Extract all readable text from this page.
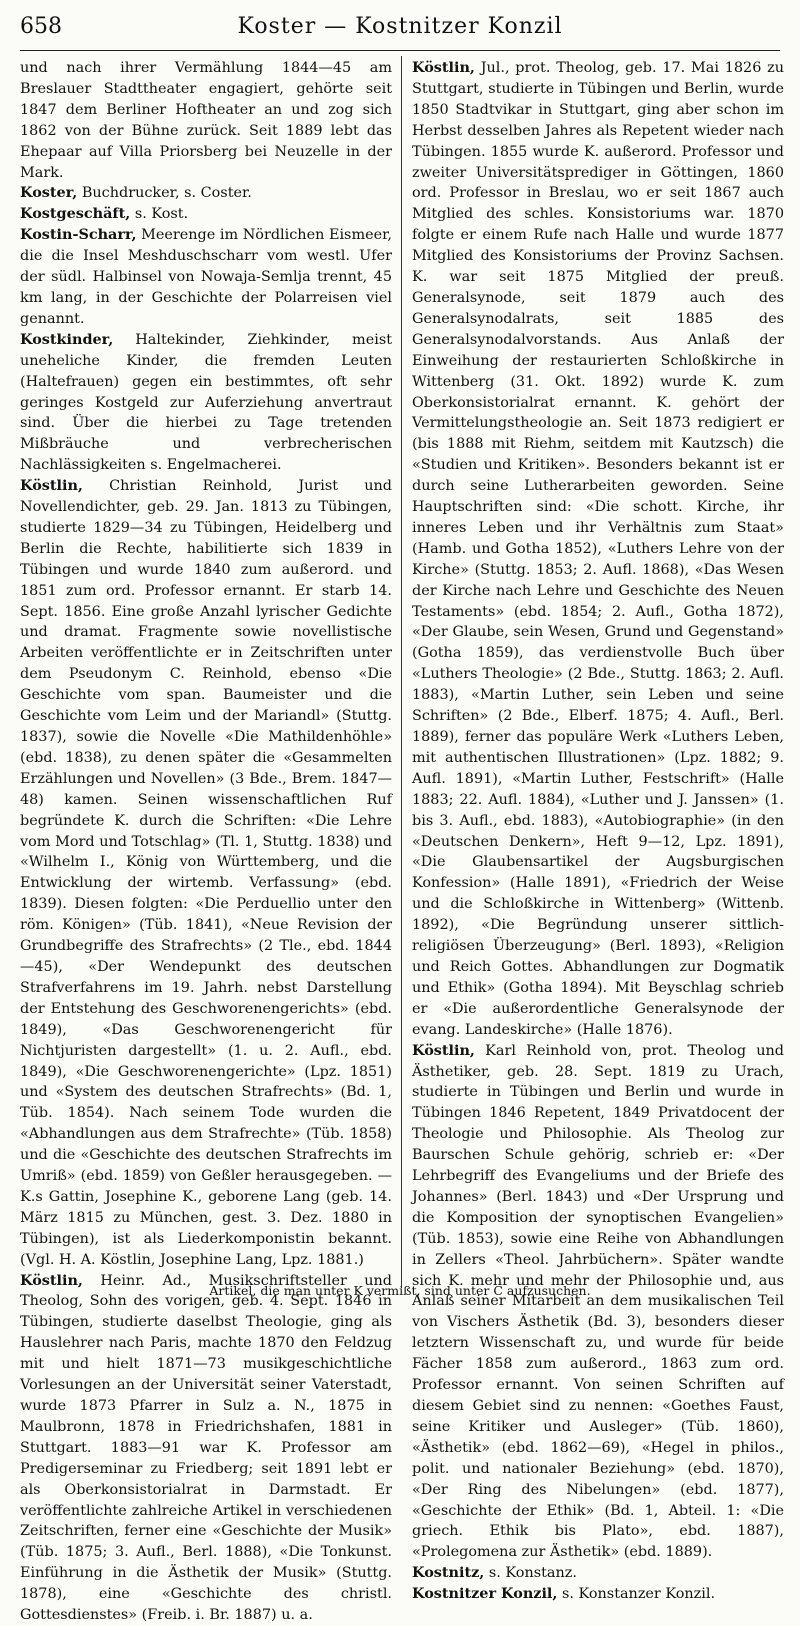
658	Koster — Kostnitzer Konzil

und nach ihrer Vermählung 1844—45 am Breslauer Stadttheater engagiert, gehörte seit 1847 dem Berliner Hoftheater an und zog sich 1862 von der Bühne zurück. Seit 1889 lebt das Ehepaar auf Villa Priorsberg bei Neuzelle in der Mark.

Koster, Buchdrucker, s. Coster.

Kostgeschäft, s. Kost.

Kostin-Scharr, Meerenge im Nördlichen Eismeer, die die Insel Meshduschscharr vom westl. Ufer der südl. Halbinsel von Nowaja-Semlja trennt, 45 km lang, in der Geschichte der Polarreisen viel genannt.

Kostkinder, Haltekinder, Ziehkinder, meist uneheliche Kinder, die fremden Leuten (Haltefrauen) gegen ein bestimmtes, oft sehr geringes Kostgeld zur Auferziehung anvertraut sind. Über die hierbei zu Tage tretenden Mißbräuche und verbrecherischen Nachlässigkeiten s. Engelmacherei.

Köstlin, Christian Reinhold, Jurist und Novellendichter, geb. 29. Jan. 1813 zu Tübingen, studierte 1829—34 zu Tübingen, Heidelberg und Berlin die Rechte, habilitierte sich 1839 in Tübingen und wurde 1840 zum außerord. und 1851 zum ord. Professor ernannt. Er starb 14. Sept. 1856. Eine große Anzahl lyrischer Gedichte und dramat. Fragmente sowie novellistische Arbeiten veröffentlichte er in Zeitschriften unter dem Pseudonym C. Reinhold, ebenso «Die Geschichte vom span. Baumeister und die Geschichte vom Leim und der Mariandl» (Stuttg. 1837), sowie die Novelle «Die Mathildenhöhle» (ebd. 1838), zu denen später die «Gesammelten Erzählungen und Novellen» (3 Bde., Brem. 1847—48) kamen. Seinen wissenschaftlichen Ruf begründete K. durch die Schriften: «Die Lehre vom Mord und Totschlag» (Tl. 1, Stuttg. 1838) und «Wilhelm I., König von Württemberg, und die Entwicklung der wirtemb. Verfassung» (ebd. 1839). Diesen folgten: «Die Perduellio unter den röm. Königen» (Tüb. 1841), «Neue Revision der Grundbegriffe des Strafrechts» (2 Tle., ebd. 1844—45), «Der Wendepunkt des deutschen Strafverfahrens im 19. Jahrh. nebst Darstellung der Entstehung des Geschworenengerichts» (ebd. 1849), «Das Geschworenengericht für Nichtjuristen dargestellt» (1. u. 2. Aufl., ebd. 1849), «Die Geschworenengerichte» (Lpz. 1851) und «System des deutschen Strafrechts» (Bd. 1, Tüb. 1854). Nach seinem Tode wurden die «Abhandlungen aus dem Strafrechte» (Tüb. 1858) und die «Geschichte des deutschen Strafrechts im Umriß» (ebd. 1859) von Geßler herausgegeben. — K.s Gattin, Josephine K., geborene Lang (geb. 14. März 1815 zu München, gest. 3. Dez. 1880 in Tübingen), ist als Liederkomponistin bekannt. (Vgl. H. A. Köstlin, Josephine Lang, Lpz. 1881.)

Köstlin, Heinr. Ad., Musikschriftsteller und Theolog, Sohn des vorigen, geb. 4. Sept. 1846 in Tübingen, studierte daselbst Theologie, ging als Hauslehrer nach Paris, machte 1870 den Feldzug mit und hielt 1871—73 musikgeschichtliche Vorlesungen an der Universität seiner Vaterstadt, wurde 1873 Pfarrer in Sulz a. N., 1875 in Maulbronn, 1878 in Friedrichshafen, 1881 in Stuttgart. 1883—91 war K. Professor am Predigerseminar zu Friedberg; seit 1891 lebt er als Oberkonsistorialrat in Darmstadt. Er veröffentlichte zahlreiche Artikel in verschiedenen Zeitschriften, ferner eine «Geschichte der Musik» (Tüb. 1875; 3. Aufl., Berl. 1888), «Die Tonkunst. Einführung in die Ästhetik der Musik» (Stuttg. 1878), eine «Geschichte des christl. Gottesdienstes» (Freib. i. Br. 1887) u. a.

Köstlin, Jul., prot. Theolog, geb. 17. Mai 1826 zu Stuttgart, studierte in Tübingen und Berlin, wurde 1850 Stadtvikar in Stuttgart, ging aber schon im Herbst desselben Jahres als Repetent wieder nach Tübingen. 1855 wurde K. außerord. Professor und zweiter Universitätsprediger in Göttingen, 1860 ord. Professor in Breslau, wo er seit 1867 auch Mitglied des schles. Konsistoriums war. 1870 folgte er einem Rufe nach Halle und wurde 1877 Mitglied des Konsistoriums der Provinz Sachsen. K. war seit 1875 Mitglied der preuß. Generalsynode, seit 1879 auch des Generalsynodalrats, seit 1885 des Generalsynodalvorstands. Aus Anlaß der Einweihung der restaurierten Schloßkirche in Wittenberg (31. Okt. 1892) wurde K. zum Oberkonsistorialrat ernannt. K. gehört der Vermittelungstheologie an. Seit 1873 redigiert er (bis 1888 mit Riehm, seitdem mit Kautzsch) die «Studien und Kritiken». Besonders bekannt ist er durch seine Lutherarbeiten geworden. Seine Hauptschriften sind: «Die schott. Kirche, ihr inneres Leben und ihr Verhältnis zum Staat» (Hamb. und Gotha 1852), «Luthers Lehre von der Kirche» (Stuttg. 1853; 2. Aufl. 1868), «Das Wesen der Kirche nach Lehre und Geschichte des Neuen Testaments» (ebd. 1854; 2. Aufl., Gotha 1872), «Der Glaube, sein Wesen, Grund und Gegenstand» (Gotha 1859), das verdienstvolle Buch über «Luthers Theologie» (2 Bde., Stuttg. 1863; 2. Aufl. 1883), «Martin Luther, sein Leben und seine Schriften» (2 Bde., Elberf. 1875; 4. Aufl., Berl. 1889), ferner das populäre Werk «Luthers Leben, mit authentischen Illustrationen» (Lpz. 1882; 9. Aufl. 1891), «Martin Luther, Festschrift» (Halle 1883; 22. Aufl. 1884), «Luther und J. Janssen» (1. bis 3. Aufl., ebd. 1883), «Autobiographie» (in den «Deutschen Denkern», Heft 9—12, Lpz. 1891), «Die Glaubensartikel der Augsburgischen Konfession» (Halle 1891), «Friedrich der Weise und die Schloßkirche in Wittenberg» (Wittenb. 1892), «Die Begründung unserer sittlich-religiösen Überzeugung» (Berl. 1893), «Religion und Reich Gottes. Abhandlungen zur Dogmatik und Ethik» (Gotha 1894). Mit Beyschlag schrieb er «Die außerordentliche Generalsynode der evang. Landeskirche» (Halle 1876).

Köstlin, Karl Reinhold von, prot. Theolog und Ästhetiker, geb. 28. Sept. 1819 zu Urach, studierte in Tübingen und Berlin und wurde in Tübingen 1846 Repetent, 1849 Privatdocent der Theologie und Philosophie. Als Theolog zur Baurschen Schule gehörig, schrieb er: «Der Lehrbegriff des Evangeliums und der Briefe des Johannes» (Berl. 1843) und «Der Ursprung und die Komposition der synoptischen Evangelien» (Tüb. 1853), sowie eine Reihe von Abhandlungen in Zellers «Theol. Jahrbüchern». Später wandte sich K. mehr und mehr der Philosophie und, aus Anlaß seiner Mitarbeit an dem musikalischen Teil von Vischers Ästhetik (Bd. 3), besonders dieser letztern Wissenschaft zu, und wurde für beide Fächer 1858 zum außerord., 1863 zum ord. Professor ernannt. Von seinen Schriften auf diesem Gebiet sind zu nennen: «Goethes Faust, seine Kritiker und Ausleger» (Tüb. 1860), «Ästhetik» (ebd. 1862—69), «Hegel in philos., polit. und nationaler Beziehung» (ebd. 1870), «Der Ring des Nibelungen» (ebd. 1877), «Geschichte der Ethik» (Bd. 1, Abteil. 1: «Die griech. Ethik bis Plato», ebd. 1887), «Prolegomena zur Ästhetik» (ebd. 1889).

Kostnitz, s. Konstanz.

Kostnitzer Konzil, s. Konstanzer Konzil.

Artikel, die man unter K vermißt, sind unter C aufzusuchen.
